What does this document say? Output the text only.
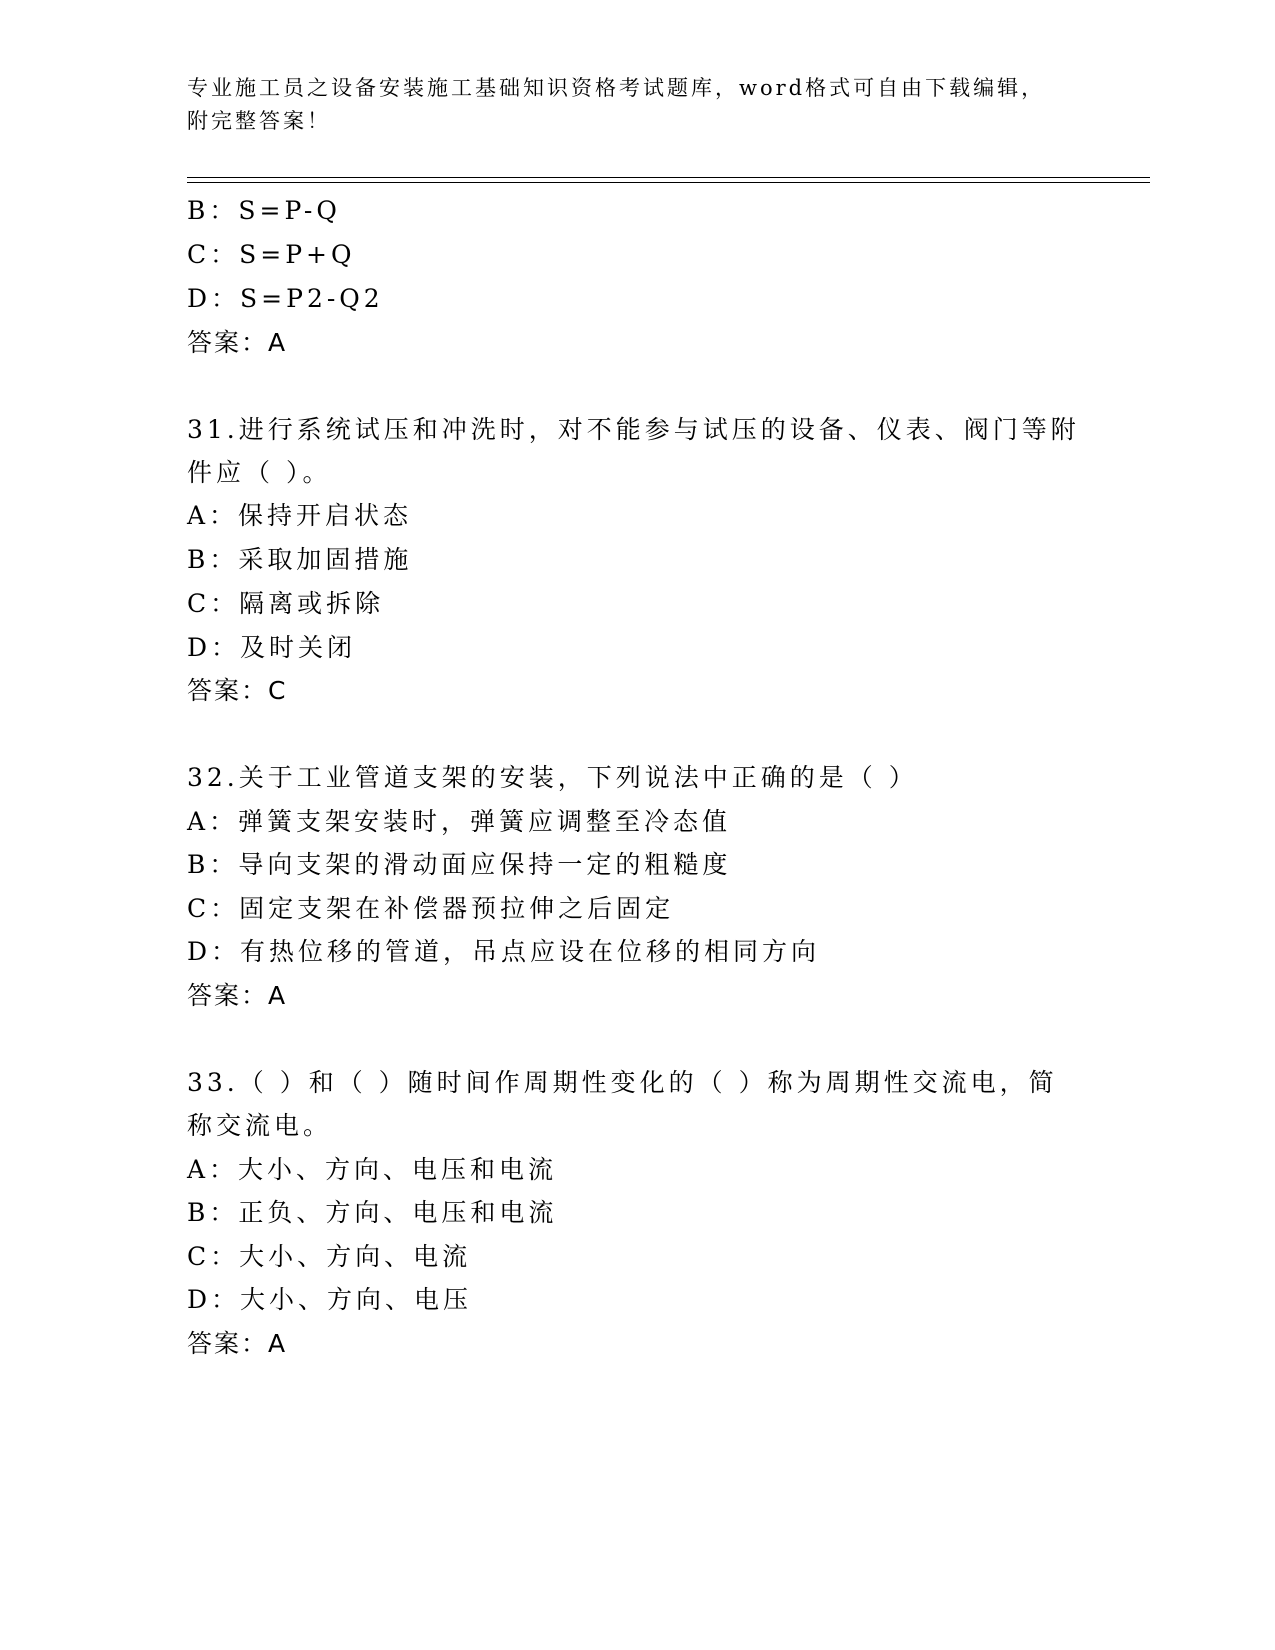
专业施工员之设备安装施工基础知识资格考试题库，word格式可自由下载编辑，
附完整答案！
B：S=P-Q
C：S=P+Q
D：S=P2-Q2
答案：A
31.进行系统试压和冲洗时，对不能参与试压的设备、仪表、阀门等附
件应（ ）。
A：保持开启状态
B：采取加固措施
C：隔离或拆除
D：及时关闭
答案：C
32.关于工业管道支架的安装，下列说法中正确的是（ ）
A：弹簧支架安装时，弹簧应调整至冷态值
B：导向支架的滑动面应保持一定的粗糙度
C：固定支架在补偿器预拉伸之后固定
D：有热位移的管道，吊点应设在位移的相同方向
答案：A
33.（ ）和（ ）随时间作周期性变化的（ ）称为周期性交流电，简
称交流电。
A：大小、方向、电压和电流
B：正负、方向、电压和电流
C：大小、方向、电流
D：大小、方向、电压
答案：A
